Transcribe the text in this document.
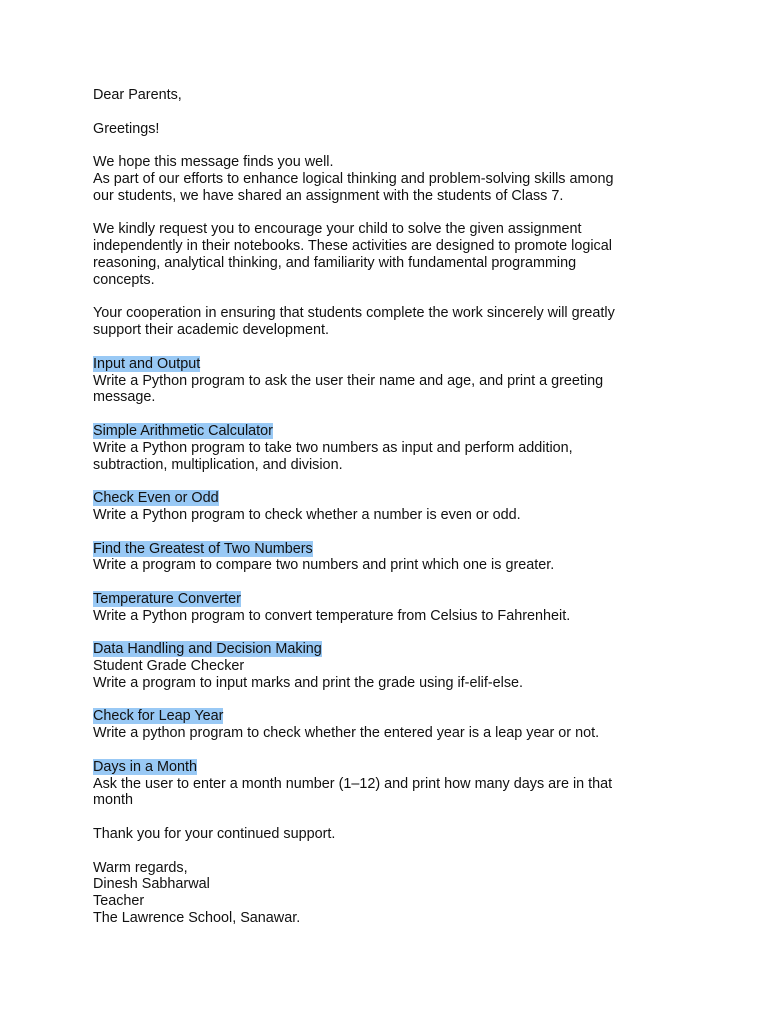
Dear Parents,
Greetings!
We hope this message finds you well.
As part of our efforts to enhance logical thinking and problem-solving skills among
our students, we have shared an assignment with the students of Class 7.
We kindly request you to encourage your child to solve the given assignment
independently in their notebooks. These activities are designed to promote logical
reasoning, analytical thinking, and familiarity with fundamental programming
concepts.
Your cooperation in ensuring that students complete the work sincerely will greatly
support their academic development.
Input and Output
Write a Python program to ask the user their name and age, and print a greeting
message.
Simple Arithmetic Calculator
Write a Python program to take two numbers as input and perform addition,
subtraction, multiplication, and division.
Check Even or Odd
Write a Python program to check whether a number is even or odd.
Find the Greatest of Two Numbers
Write a program to compare two numbers and print which one is greater.
Temperature Converter
Write a Python program to convert temperature from Celsius to Fahrenheit.
Data Handling and Decision Making
Student Grade Checker
Write a program to input marks and print the grade using if-elif-else.
Check for Leap Year
Write a python program to check whether the entered year is a leap year or not.
Days in a Month
Ask the user to enter a month number (1–12) and print how many days are in that
month
Thank you for your continued support.
Warm regards,
Dinesh Sabharwal
Teacher
The Lawrence School, Sanawar.
